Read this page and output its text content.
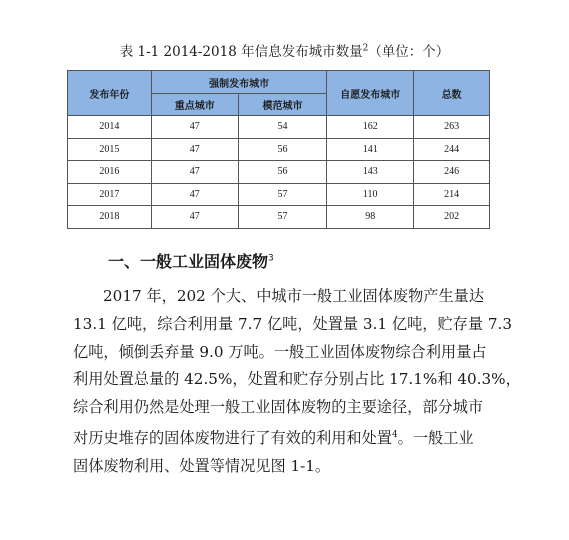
表 1-1 2014-2018 年信息发布城市数量$^2$（单位：个）
发布年份	强制发布城市		自愿发布城市	总数
	重点城市	模范城市		
2014	47	54	162	263
2015	47	56	141	244
2016	47	56	143	246
2017	47	57	110	214
2018	47	57	98	202
一、一般工业固体废物$^3$
2017 年，202 个大、中城市一般工业固体废物产生量达
13.1 亿吨，综合利用量 7.7 亿吨，处置量 3.1 亿吨，贮存量 7.3
亿吨，倾倒丢弃量 9.0 万吨。一般工业固体废物综合利用量占
利用处置总量的 42.5%，处置和贮存分别占比 17.1%和 40.3%，
综合利用仍然是处理一般工业固体废物的主要途径，部分城市
对历史堆存的固体废物进行了有效的利用和处置$^4$。一般工业
固体废物利用、处置等情况见图 1-1。
